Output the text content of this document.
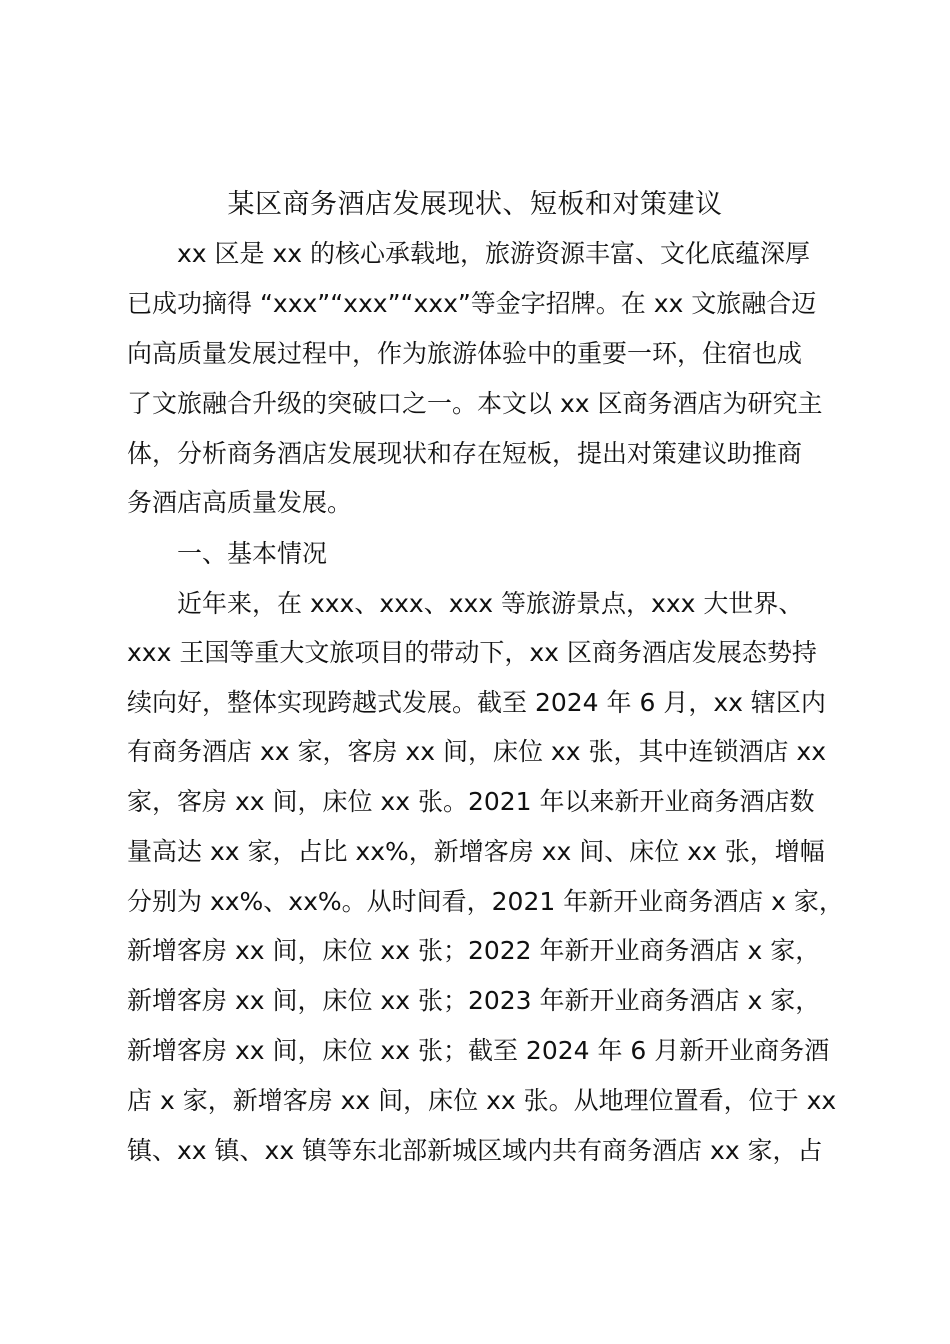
某区商务酒店发展现状、短板和对策建议

xx 区是 xx 的核心承载地，旅游资源丰富、文化底蕴深厚

已成功摘得 “xxx”“xxx”“xxx”等金字招牌。在 xx 文旅融合迈

向高质量发展过程中，作为旅游体验中的重要一环，住宿也成

了文旅融合升级的突破口之一。本文以 xx 区商务酒店为研究主

体，分析商务酒店发展现状和存在短板，提出对策建议助推商

务酒店高质量发展。

一、基本情况

近年来，在 xxx、xxx、xxx 等旅游景点，xxx 大世界、

xxx 王国等重大文旅项目的带动下，xx 区商务酒店发展态势持

续向好，整体实现跨越式发展。截至 2024 年 6 月，xx 辖区内

有商务酒店 xx 家，客房 xx 间，床位 xx 张，其中连锁酒店 xx

家，客房 xx 间，床位 xx 张。2021 年以来新开业商务酒店数

量高达 xx 家，占比 xx%，新增客房 xx 间、床位 xx 张，增幅

分别为 xx%、xx%。从时间看，2021 年新开业商务酒店 x 家，

新增客房 xx 间，床位 xx 张；2022 年新开业商务酒店 x 家，

新增客房 xx 间，床位 xx 张；2023 年新开业商务酒店 x 家，

新增客房 xx 间，床位 xx 张；截至 2024 年 6 月新开业商务酒

店 x 家，新增客房 xx 间，床位 xx 张。从地理位置看，位于 xx

镇、xx 镇、xx 镇等东北部新城区域内共有商务酒店 xx 家，占
